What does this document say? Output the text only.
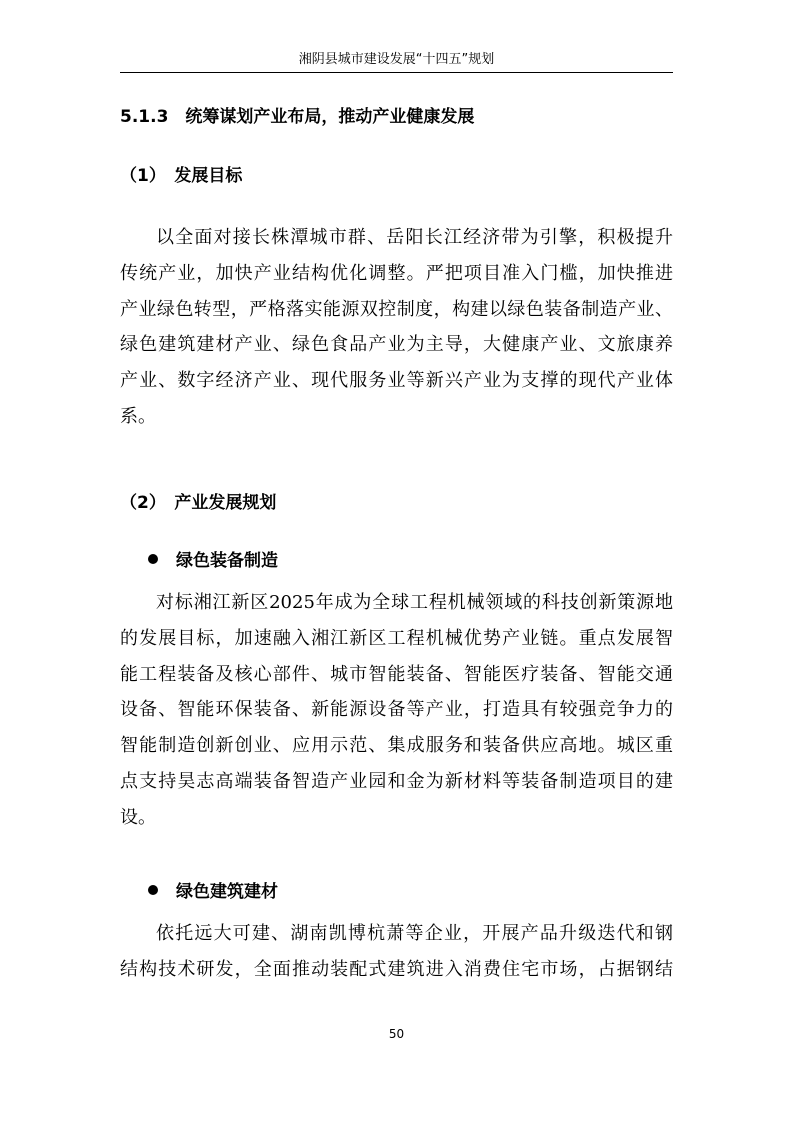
湘阴县城市建设发展“十四五”规划
5.1.3　统筹谋划产业布局，推动产业健康发展
（1）　发展目标
以全面对接长株潭城市群、岳阳长江经济带为引擎，积极提升
传统产业，加快产业结构优化调整。严把项目准入门槛，加快推进
产业绿色转型，严格落实能源双控制度，构建以绿色装备制造产业、
绿色建筑建材产业、绿色食品产业为主导，大健康产业、文旅康养
产业、数字经济产业、现代服务业等新兴产业为支撑的现代产业体
系。
（2）　产业发展规划
绿色装备制造
对标湘江新区2025年成为全球工程机械领域的科技创新策源地
的发展目标，加速融入湘江新区工程机械优势产业链。重点发展智
能工程装备及核心部件、城市智能装备、智能医疗装备、智能交通
设备、智能环保装备、新能源设备等产业，打造具有较强竞争力的
智能制造创新创业、应用示范、集成服务和装备供应高地。城区重
点支持昊志高端装备智造产业园和金为新材料等装备制造项目的建
设。
绿色建筑建材
依托远大可建、湖南凯博杭萧等企业，开展产品升级迭代和钢
结构技术研发，全面推动装配式建筑进入消费住宅市场，占据钢结
50
